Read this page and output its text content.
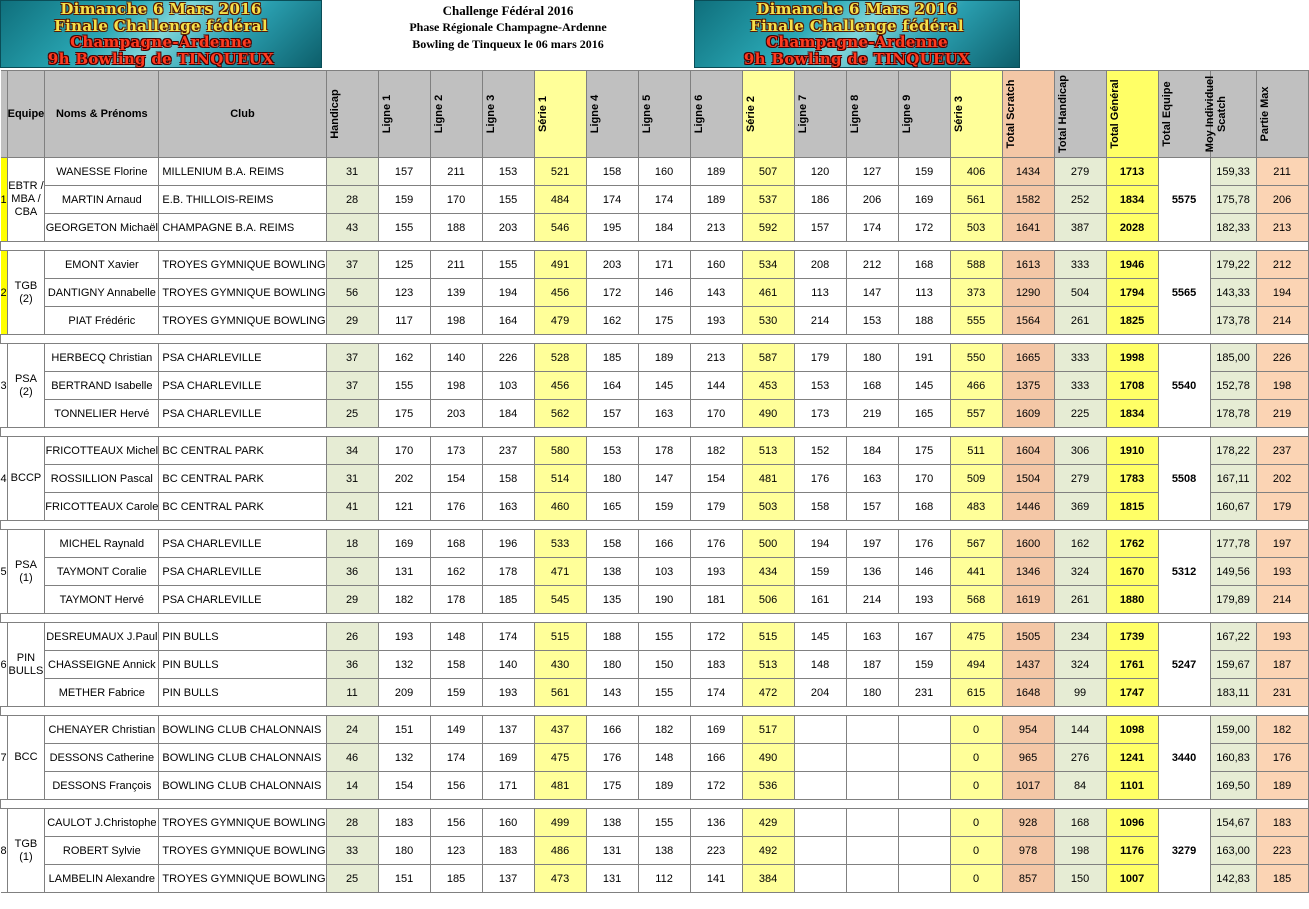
Dimanche 6 Mars 2016
Finale Challenge fédéral
Champagne-Ardenne
9h Bowling de TINQUEUX
Challenge Fédéral 2016
Phase Régionale Champagne-Ardenne
Bowling de Tinqueux le 06 mars 2016
Dimanche 6 Mars 2016
Finale Challenge fédéral
Champagne-Ardenne
9h Bowling de TINQUEUX
	Equipe	Noms & Prénoms	Club	Handicap	Ligne 1	Ligne 2	Ligne 3	Série 1	Ligne 4	Ligne 5	Ligne 6	Série 2	Ligne 7	Ligne 8	Ligne 9	Série 3	Total Scratch	Total Handicap	Total Général	Total Equipe	Moy Individuel Scatch	Partie Max

1	EBTR / MBA / CBA	WANESSE Florine	MILLENIUM B.A. REIMS	31	157	211	153	521	158	160	189	507	120	127	159	406	1434	279	1713	5575	159,33	211
		MARTIN Arnaud	E.B. THILLOIS-REIMS	28	159	170	155	484	174	174	189	537	186	206	169	561	1582	252	1834		175,78	206
		GEORGETON Michaël	CHAMPAGNE B.A. REIMS	43	155	188	203	546	195	184	213	592	157	174	172	503	1641	387	2028		182,33	213

2	TGB (2)	EMONT Xavier	TROYES GYMNIQUE BOWLING	37	125	211	155	491	203	171	160	534	208	212	168	588	1613	333	1946	5565	179,22	212
		DANTIGNY Annabelle	TROYES GYMNIQUE BOWLING	56	123	139	194	456	172	146	143	461	113	147	113	373	1290	504	1794		143,33	194
		PIAT Frédéric	TROYES GYMNIQUE BOWLING	29	117	198	164	479	162	175	193	530	214	153	188	555	1564	261	1825		173,78	214

3	PSA (2)	HERBECQ Christian	PSA CHARLEVILLE	37	162	140	226	528	185	189	213	587	179	180	191	550	1665	333	1998	5540	185,00	226
		BERTRAND Isabelle	PSA CHARLEVILLE	37	155	198	103	456	164	145	144	453	153	168	145	466	1375	333	1708		152,78	198
		TONNELIER Hervé	PSA CHARLEVILLE	25	175	203	184	562	157	163	170	490	173	219	165	557	1609	225	1834		178,78	219

4	BCCP	FRICOTTEAUX Michel	BC CENTRAL PARK	34	170	173	237	580	153	178	182	513	152	184	175	511	1604	306	1910	5508	178,22	237
		ROSSILLION Pascal	BC CENTRAL PARK	31	202	154	158	514	180	147	154	481	176	163	170	509	1504	279	1783		167,11	202
		FRICOTTEAUX Carole	BC CENTRAL PARK	41	121	176	163	460	165	159	179	503	158	157	168	483	1446	369	1815		160,67	179

5	PSA (1)	MICHEL Raynald	PSA CHARLEVILLE	18	169	168	196	533	158	166	176	500	194	197	176	567	1600	162	1762	5312	177,78	197
		TAYMONT Coralie	PSA CHARLEVILLE	36	131	162	178	471	138	103	193	434	159	136	146	441	1346	324	1670		149,56	193
		TAYMONT Hervé	PSA CHARLEVILLE	29	182	178	185	545	135	190	181	506	161	214	193	568	1619	261	1880		179,89	214

6	PIN BULLS	DESREUMAUX J.Paul	PIN BULLS	26	193	148	174	515	188	155	172	515	145	163	167	475	1505	234	1739	5247	167,22	193
		CHASSEIGNE Annick	PIN BULLS	36	132	158	140	430	180	150	183	513	148	187	159	494	1437	324	1761		159,67	187
		METHER Fabrice	PIN BULLS	11	209	159	193	561	143	155	174	472	204	180	231	615	1648	99	1747		183,11	231

7	BCC	CHENAYER Christian	BOWLING CLUB CHALONNAIS	24	151	149	137	437	166	182	169	517				0	954	144	1098	3440	159,00	182
		DESSONS Catherine	BOWLING CLUB CHALONNAIS	46	132	174	169	475	176	148	166	490				0	965	276	1241		160,83	176
		DESSONS François	BOWLING CLUB CHALONNAIS	14	154	156	171	481	175	189	172	536				0	1017	84	1101		169,50	189

8	TGB (1)	CAULOT J.Christophe	TROYES GYMNIQUE BOWLING	28	183	156	160	499	138	155	136	429				0	928	168	1096	3279	154,67	183
		ROBERT Sylvie	TROYES GYMNIQUE BOWLING	33	180	123	183	486	131	138	223	492				0	978	198	1176		163,00	223
		LAMBELIN Alexandre	TROYES GYMNIQUE BOWLING	25	151	185	137	473	131	112	141	384				0	857	150	1007		142,83	185
